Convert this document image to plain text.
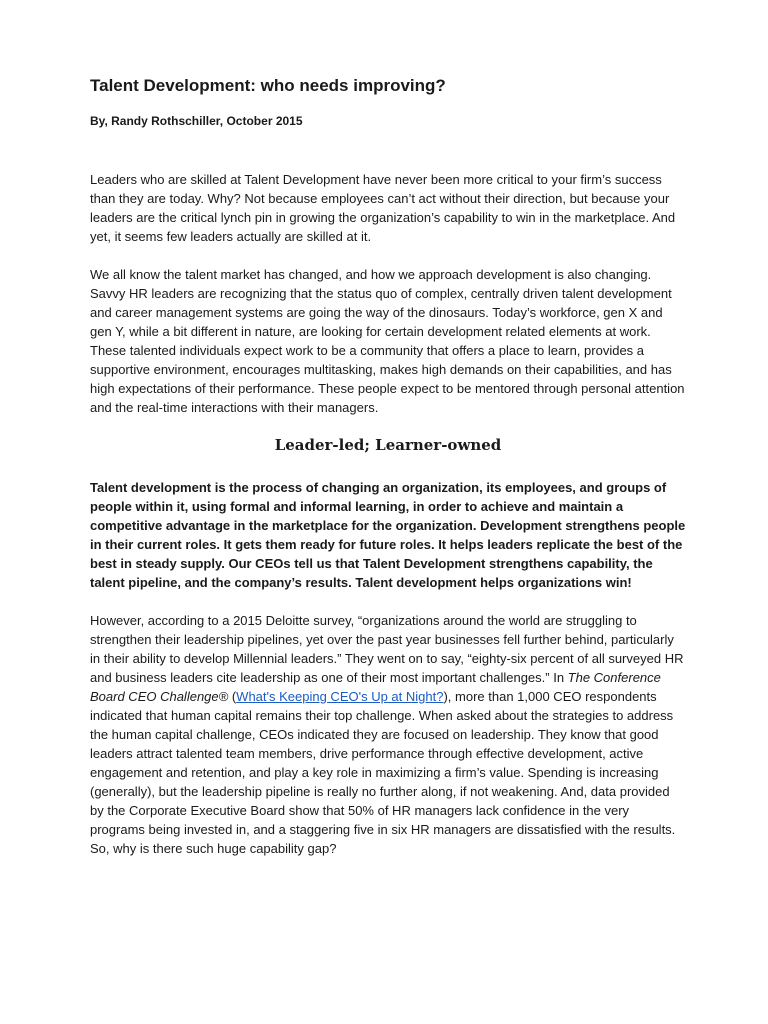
Talent Development: who needs improving?
By, Randy Rothschiller, October 2015

Leaders who are skilled at Talent Development have never been more critical to your firm’s success than they are today. Why? Not because employees can’t act without their direction, but because your leaders are the critical lynch pin in growing the organization’s capability to win in the marketplace. And yet, it seems few leaders actually are skilled at it.

We all know the talent market has changed, and how we approach development is also changing. Savvy HR leaders are recognizing that the status quo of complex, centrally driven talent development and career management systems are going the way of the dinosaurs. Today’s workforce, gen X and gen Y, while a bit different in nature, are looking for certain development related elements at work. These talented individuals expect work to be a community that offers a place to learn, provides a supportive environment, encourages multitasking, makes high demands on their capabilities, and has high expectations of their performance. These people expect to be mentored through personal attention and the real-time interactions with their managers.

Leader-led; Learner-owned

Talent development is the process of changing an organization, its employees, and groups of people within it, using formal and informal learning, in order to achieve and maintain a competitive advantage in the marketplace for the organization. Development strengthens people in their current roles. It gets them ready for future roles. It helps leaders replicate the best of the best in steady supply. Our CEOs tell us that Talent Development strengthens capability, the talent pipeline, and the company’s results. Talent development helps organizations win!

However, according to a 2015 Deloitte survey, “organizations around the world are struggling to strengthen their leadership pipelines, yet over the past year businesses fell further behind, particularly in their ability to develop Millennial leaders.” They went on to say, “eighty-six percent of all surveyed HR and business leaders cite leadership as one of their most important challenges.” In The Conference Board CEO Challenge® (What's Keeping CEO's Up at Night?), more than 1,000 CEO respondents indicated that human capital remains their top challenge. When asked about the strategies to address the human capital challenge, CEOs indicated they are focused on leadership. They know that good leaders attract talented team members, drive performance through effective development, active engagement and retention, and play a key role in maximizing a firm’s value. Spending is increasing (generally), but the leadership pipeline is really no further along, if not weakening. And, data provided by the Corporate Executive Board show that 50% of HR managers lack confidence in the very programs being invested in, and a staggering five in six HR managers are dissatisfied with the results. So, why is there such huge capability gap?
